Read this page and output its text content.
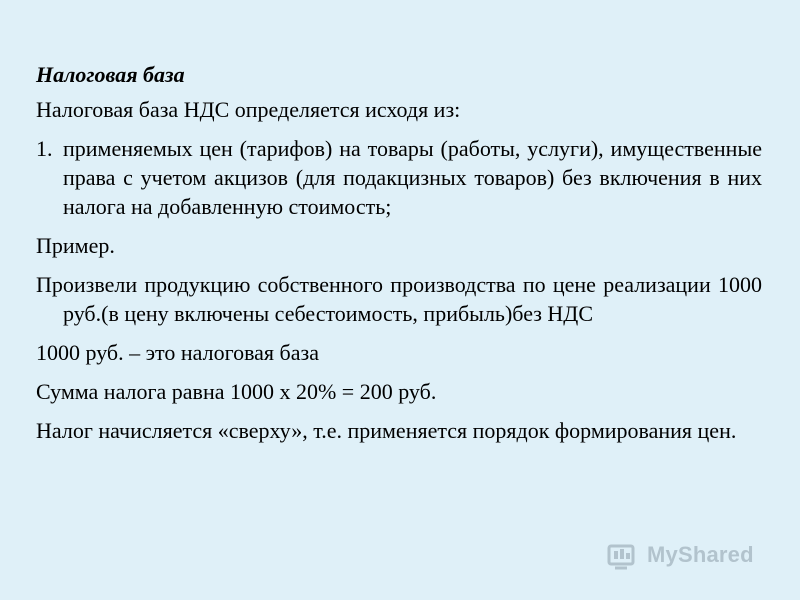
Налоговая база
Налоговая база НДС определяется исходя из:
1. применяемых цен (тарифов) на товары (работы, услуги), имущественные права с учетом акцизов (для подакцизных товаров) без включения в них налога на добавленную стоимость;
Пример.
Произвели продукцию собственного производства по цене реализации 1000 руб.(в цену включены себестоимость, прибыль)без НДС
1000 руб. – это налоговая база
Сумма налога равна 1000 х 20% = 200 руб.
Налог начисляется «сверху», т.е. применяется порядок формирования цен.
MyShared
